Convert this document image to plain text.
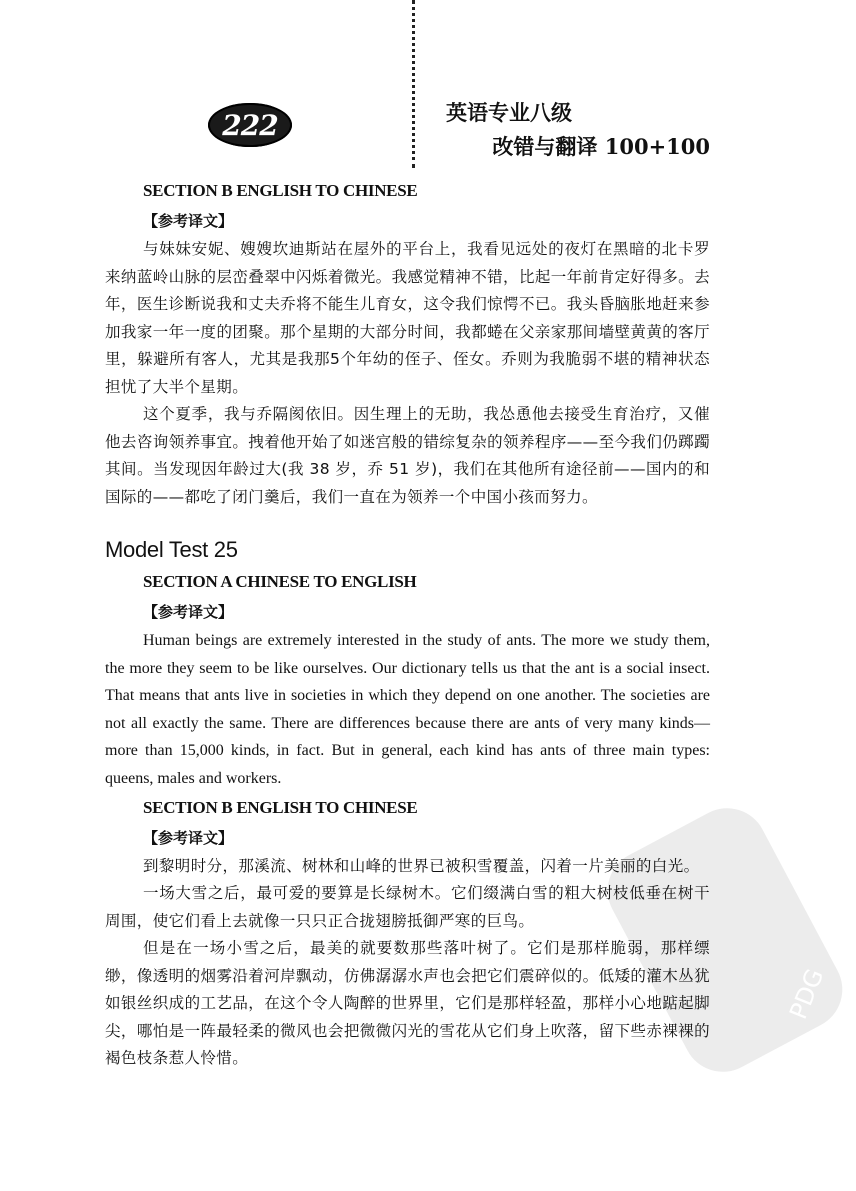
222	英语专业八级
改错与翻译 100+100
PDG

SECTION B ENGLISH TO CHINESE

【参考译文】

与妹妹安妮、嫂嫂坎迪斯站在屋外的平台上，我看见远处的夜灯在黑暗的北卡罗来纳蓝岭山脉的层峦叠翠中闪烁着微光。我感觉精神不错，比起一年前肯定好得多。去年，医生诊断说我和丈夫乔将不能生儿育女，这令我们惊愕不已。我头昏脑胀地赶来参加我家一年一度的团聚。那个星期的大部分时间，我都蜷在父亲家那间墙壁黄黄的客厅里，躲避所有客人，尤其是我那5个年幼的侄子、侄女。乔则为我脆弱不堪的精神状态担忧了大半个星期。

这个夏季，我与乔隔阂依旧。因生理上的无助，我怂恿他去接受生育治疗，又催他去咨询领养事宜。拽着他开始了如迷宫般的错综复杂的领养程序——至今我们仍踯躅其间。当发现因年龄过大(我 38 岁，乔 51 岁)，我们在其他所有途径前——国内的和国际的——都吃了闭门羹后，我们一直在为领养一个中国小孩而努力。

Model Test 25

SECTION A CHINESE TO ENGLISH

【参考译文】

Human beings are extremely interested in the study of ants. The more we study them, the more they seem to be like ourselves. Our dictionary tells us that the ant is a social insect. That means that ants live in societies in which they depend on one another. The societies are not all exactly the same. There are differences because there are ants of very many kinds—more than 15,000 kinds, in fact. But in general, each kind has ants of three main types: queens, males and workers.

SECTION B ENGLISH TO CHINESE

【参考译文】

到黎明时分，那溪流、树林和山峰的世界已被积雪覆盖，闪着一片美丽的白光。

一场大雪之后，最可爱的要算是长绿树木。它们缀满白雪的粗大树枝低垂在树干周围，使它们看上去就像一只只正合拢翅膀抵御严寒的巨鸟。

但是在一场小雪之后，最美的就要数那些落叶树了。它们是那样脆弱，那样缥缈，像透明的烟雾沿着河岸飘动，仿佛潺潺水声也会把它们震碎似的。低矮的灌木丛犹如银丝织成的工艺品，在这个令人陶醉的世界里，它们是那样轻盈，那样小心地踮起脚尖，哪怕是一阵最轻柔的微风也会把微微闪光的雪花从它们身上吹落，留下些赤裸裸的褐色枝条惹人怜惜。
